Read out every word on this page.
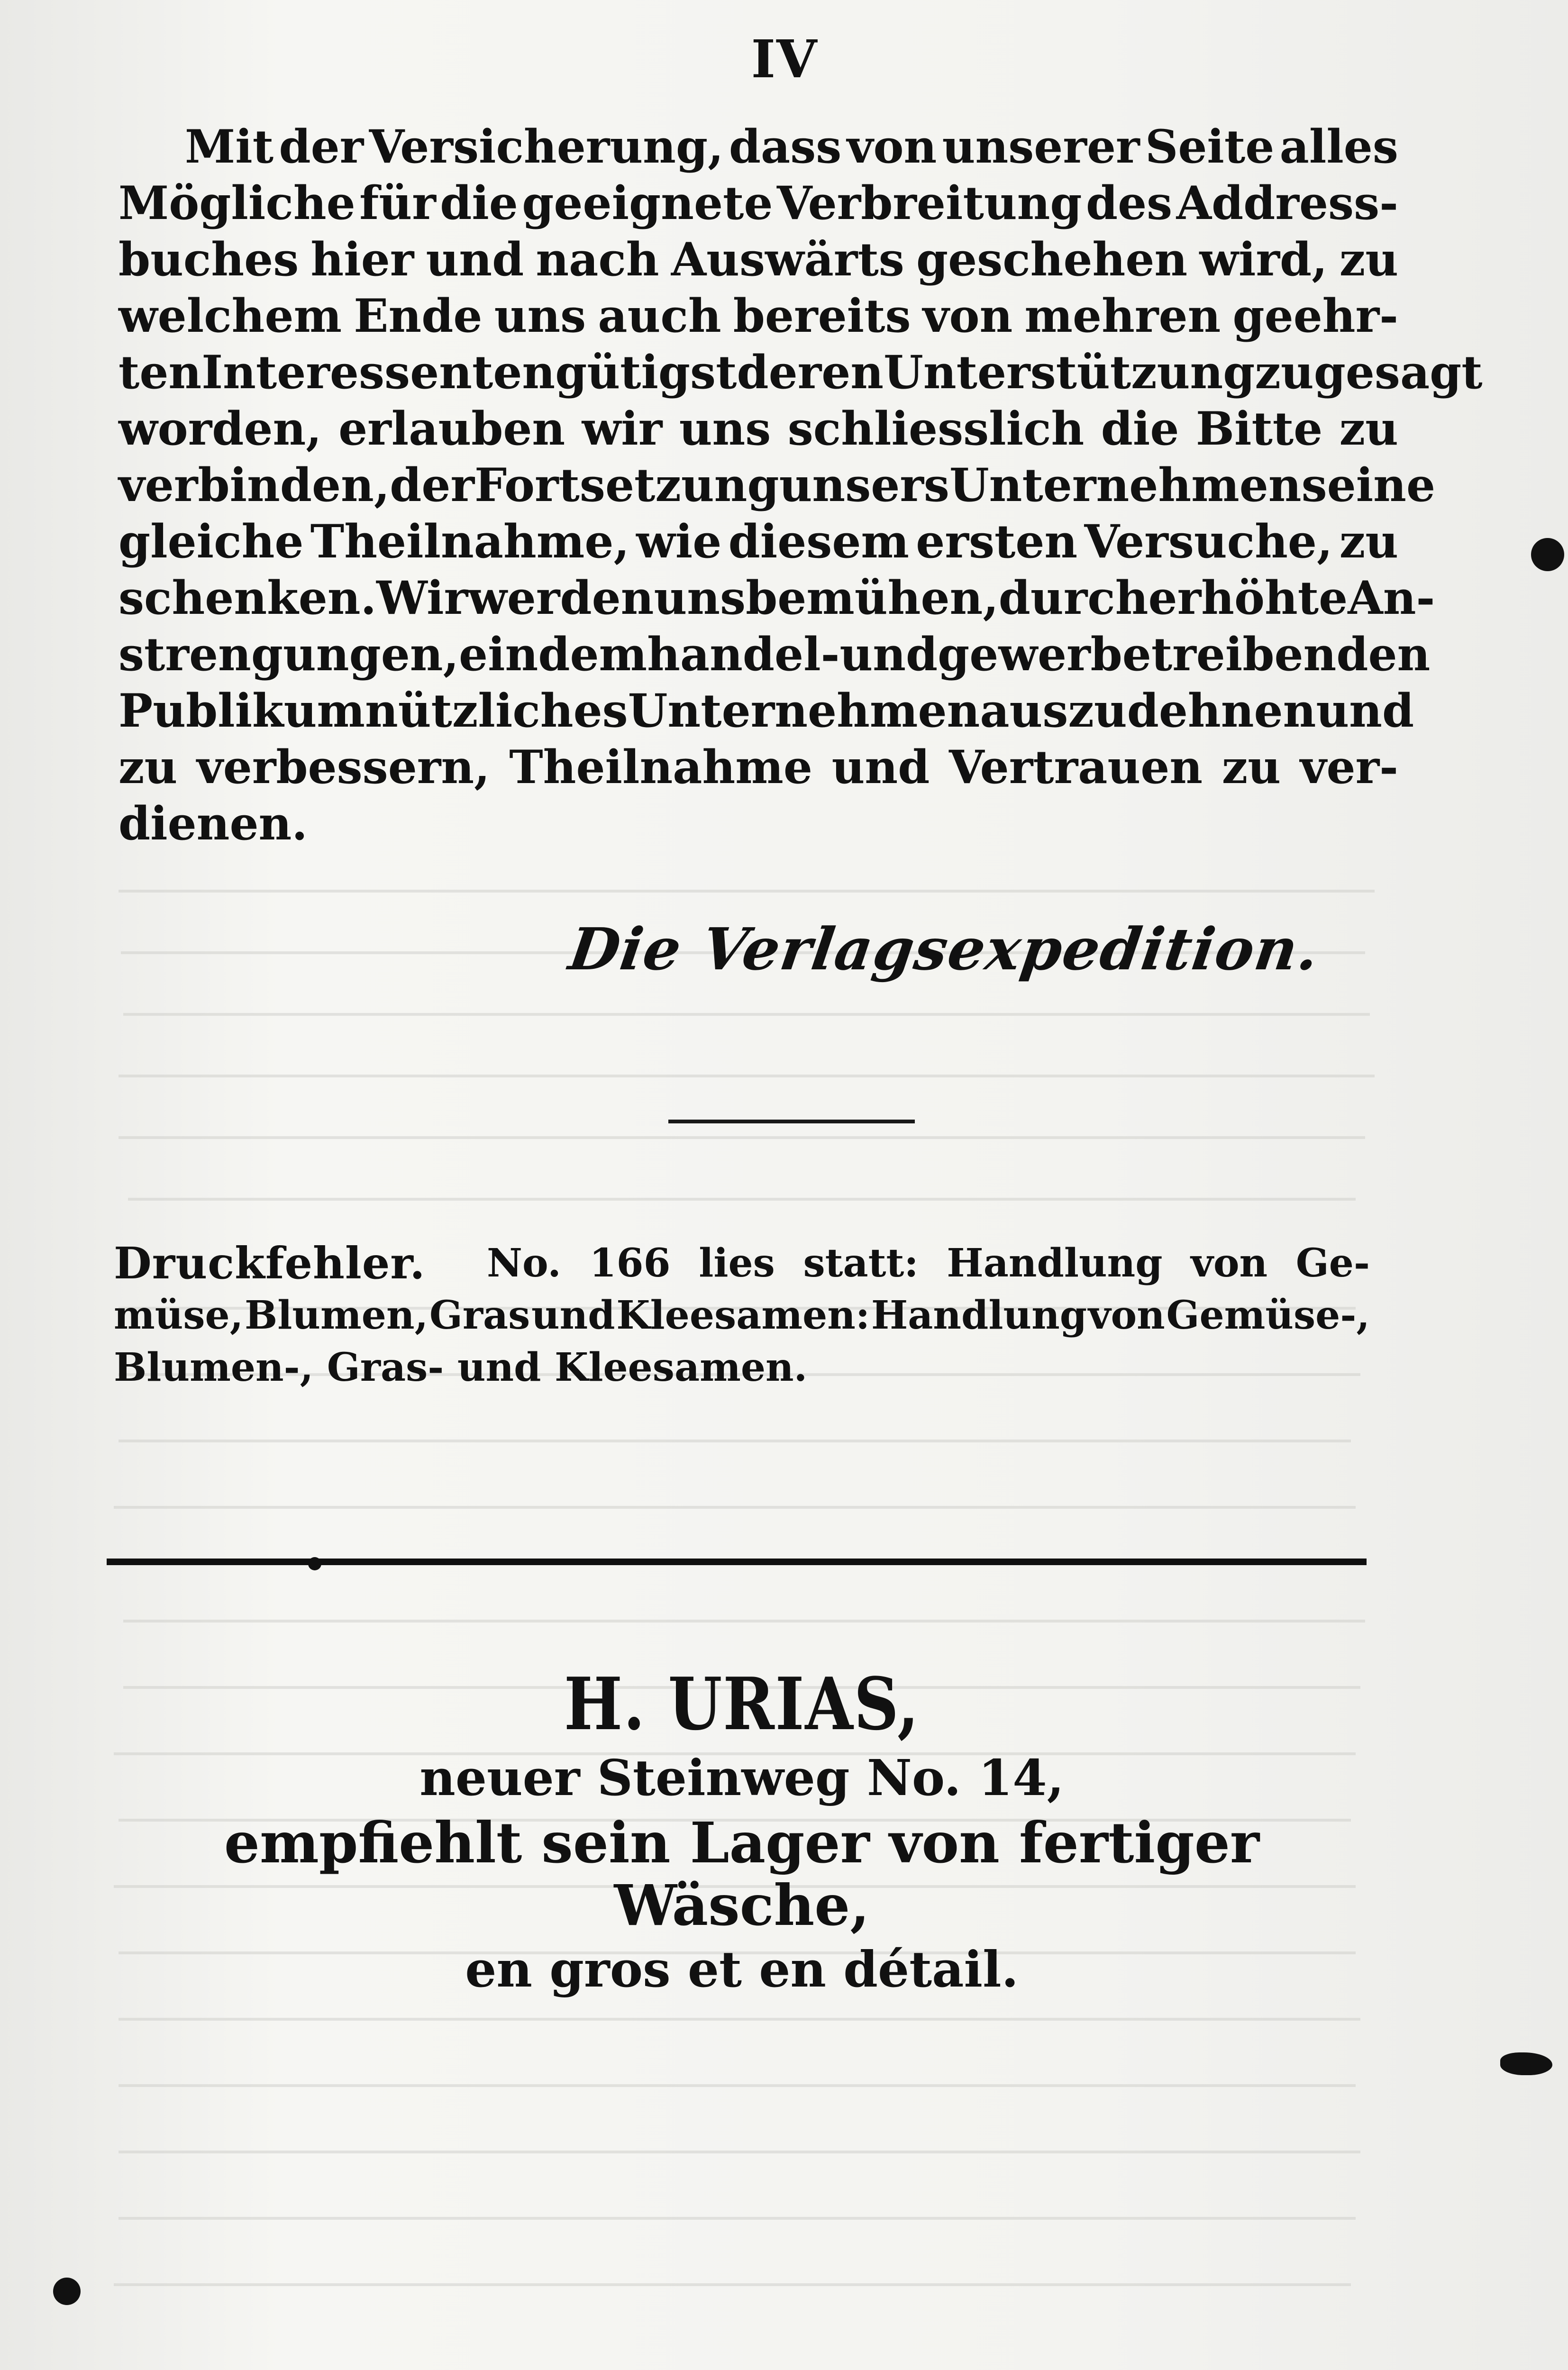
IV
Mit der Versicherung, dass von unserer Seite alles
Mögliche für die geeignete Verbreitung des Address-
buches hier und nach Auswärts geschehen wird, zu
welchem Ende uns auch bereits von mehren geehr-
ten Interessenten gütigst deren Unterstützung zugesagt
worden, erlauben wir uns schliesslich die Bitte zu
verbinden, der Fortsetzung unsers Unternehmens eine
gleiche Theilnahme, wie diesem ersten Versuche, zu
schenken. Wir werden uns bemühen, durch erhöhte An-
strengungen, ein dem handel- und gewerbetreibenden
Publikum nützliches Unternehmen auszudehnen und
zu verbessern, Theilnahme und Vertrauen zu ver-
dienen.
Die Verlagsexpedition.
Druckfehler. No. 166 lies statt: Handlung von Ge-
müse, Blumen, Gras und Kleesamen: Handlung von Gemüse-,
Blumen-,
Gras-
und
Kleesamen.
H. URIAS,
neuer Steinweg No. 14,
empfiehlt sein Lager von fertiger Wäsche,
en gros et en détail.
